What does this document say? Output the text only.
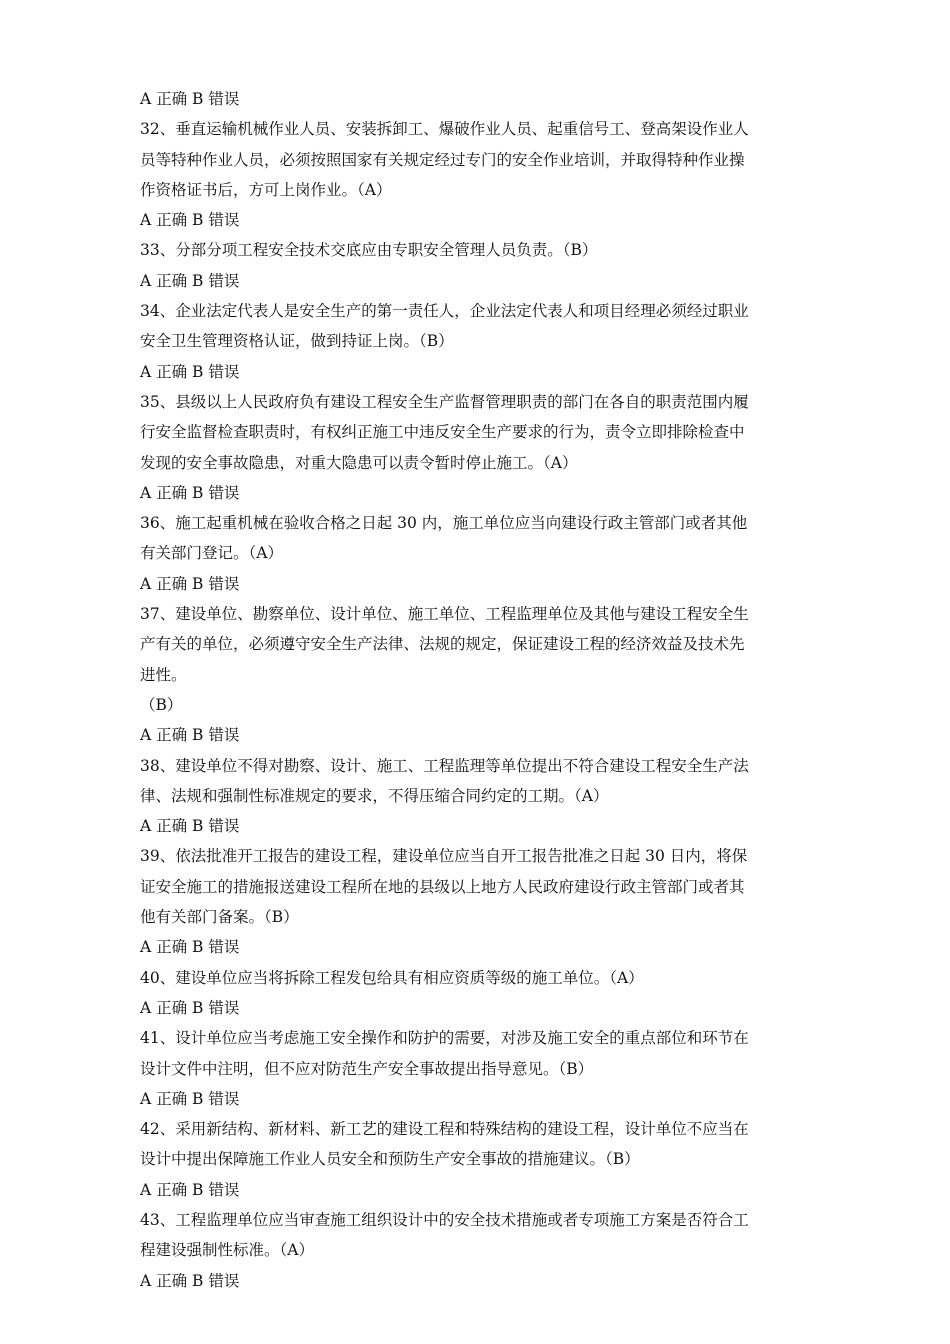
A 正确 B 错误
32、垂直运输机械作业人员、安装拆卸工、爆破作业人员、起重信号工、登高架设作业人
员等特种作业人员，必须按照国家有关规定经过专门的安全作业培训，并取得特种作业操
作资格证书后，方可上岗作业。（A）
A 正确 B 错误
33、分部分项工程安全技术交底应由专职安全管理人员负责。（B）
A 正确 B 错误
34、企业法定代表人是安全生产的第一责任人，企业法定代表人和项目经理必须经过职业
安全卫生管理资格认证，做到持证上岗。（B）
A 正确 B 错误
35、县级以上人民政府负有建设工程安全生产监督管理职责的部门在各自的职责范围内履
行安全监督检查职责时，有权纠正施工中违反安全生产要求的行为，责令立即排除检查中
发现的安全事故隐患，对重大隐患可以责令暂时停止施工。（A）
A 正确 B 错误
36、施工起重机械在验收合格之日起 30 内，施工单位应当向建设行政主管部门或者其他
有关部门登记。（A）
A 正确 B 错误
37、建设单位、勘察单位、设计单位、施工单位、工程监理单位及其他与建设工程安全生
产有关的单位，必须遵守安全生产法律、法规的规定，保证建设工程的经济效益及技术先
进性。
（B）
A 正确 B 错误
38、建设单位不得对勘察、设计、施工、工程监理等单位提出不符合建设工程安全生产法
律、法规和强制性标准规定的要求，不得压缩合同约定的工期。（A）
A 正确 B 错误
39、依法批准开工报告的建设工程，建设单位应当自开工报告批准之日起 30 日内，将保
证安全施工的措施报送建设工程所在地的县级以上地方人民政府建设行政主管部门或者其
他有关部门备案。（B）
A 正确 B 错误
40、建设单位应当将拆除工程发包给具有相应资质等级的施工单位。（A）
A 正确 B 错误
41、设计单位应当考虑施工安全操作和防护的需要，对涉及施工安全的重点部位和环节在
设计文件中注明，但不应对防范生产安全事故提出指导意见。（B）
A 正确 B 错误
42、采用新结构、新材料、新工艺的建设工程和特殊结构的建设工程，设计单位不应当在
设计中提出保障施工作业人员安全和预防生产安全事故的措施建议。（B）
A 正确 B 错误
43、工程监理单位应当审查施工组织设计中的安全技术措施或者专项施工方案是否符合工
程建设强制性标准。（A）
A 正确 B 错误
